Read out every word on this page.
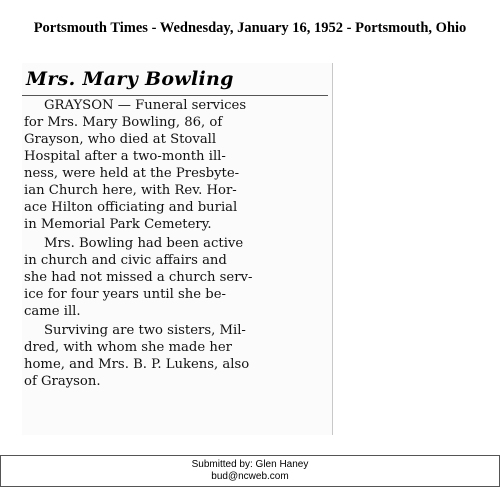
Portsmouth Times - Wednesday, January 16, 1952 - Portsmouth, Ohio
Mrs. Mary Bowling
GRAYSON — Funeral services
for Mrs. Mary Bowling, 86, of
Grayson, who died at Stovall
Hospital after a two-month ill-
ness, were held at the Presbyte-
ian Church here, with Rev. Hor-
ace Hilton officiating and burial
in Memorial Park Cemetery.
Mrs. Bowling had been active
in church and civic affairs and
she had not missed a church serv-
ice for four years until she be-
came ill.
Surviving are two sisters, Mil-
dred, with whom she made her
home, and Mrs. B. P. Lukens, also
of Grayson.
Submitted by: Glen Haney
bud@ncweb.com
